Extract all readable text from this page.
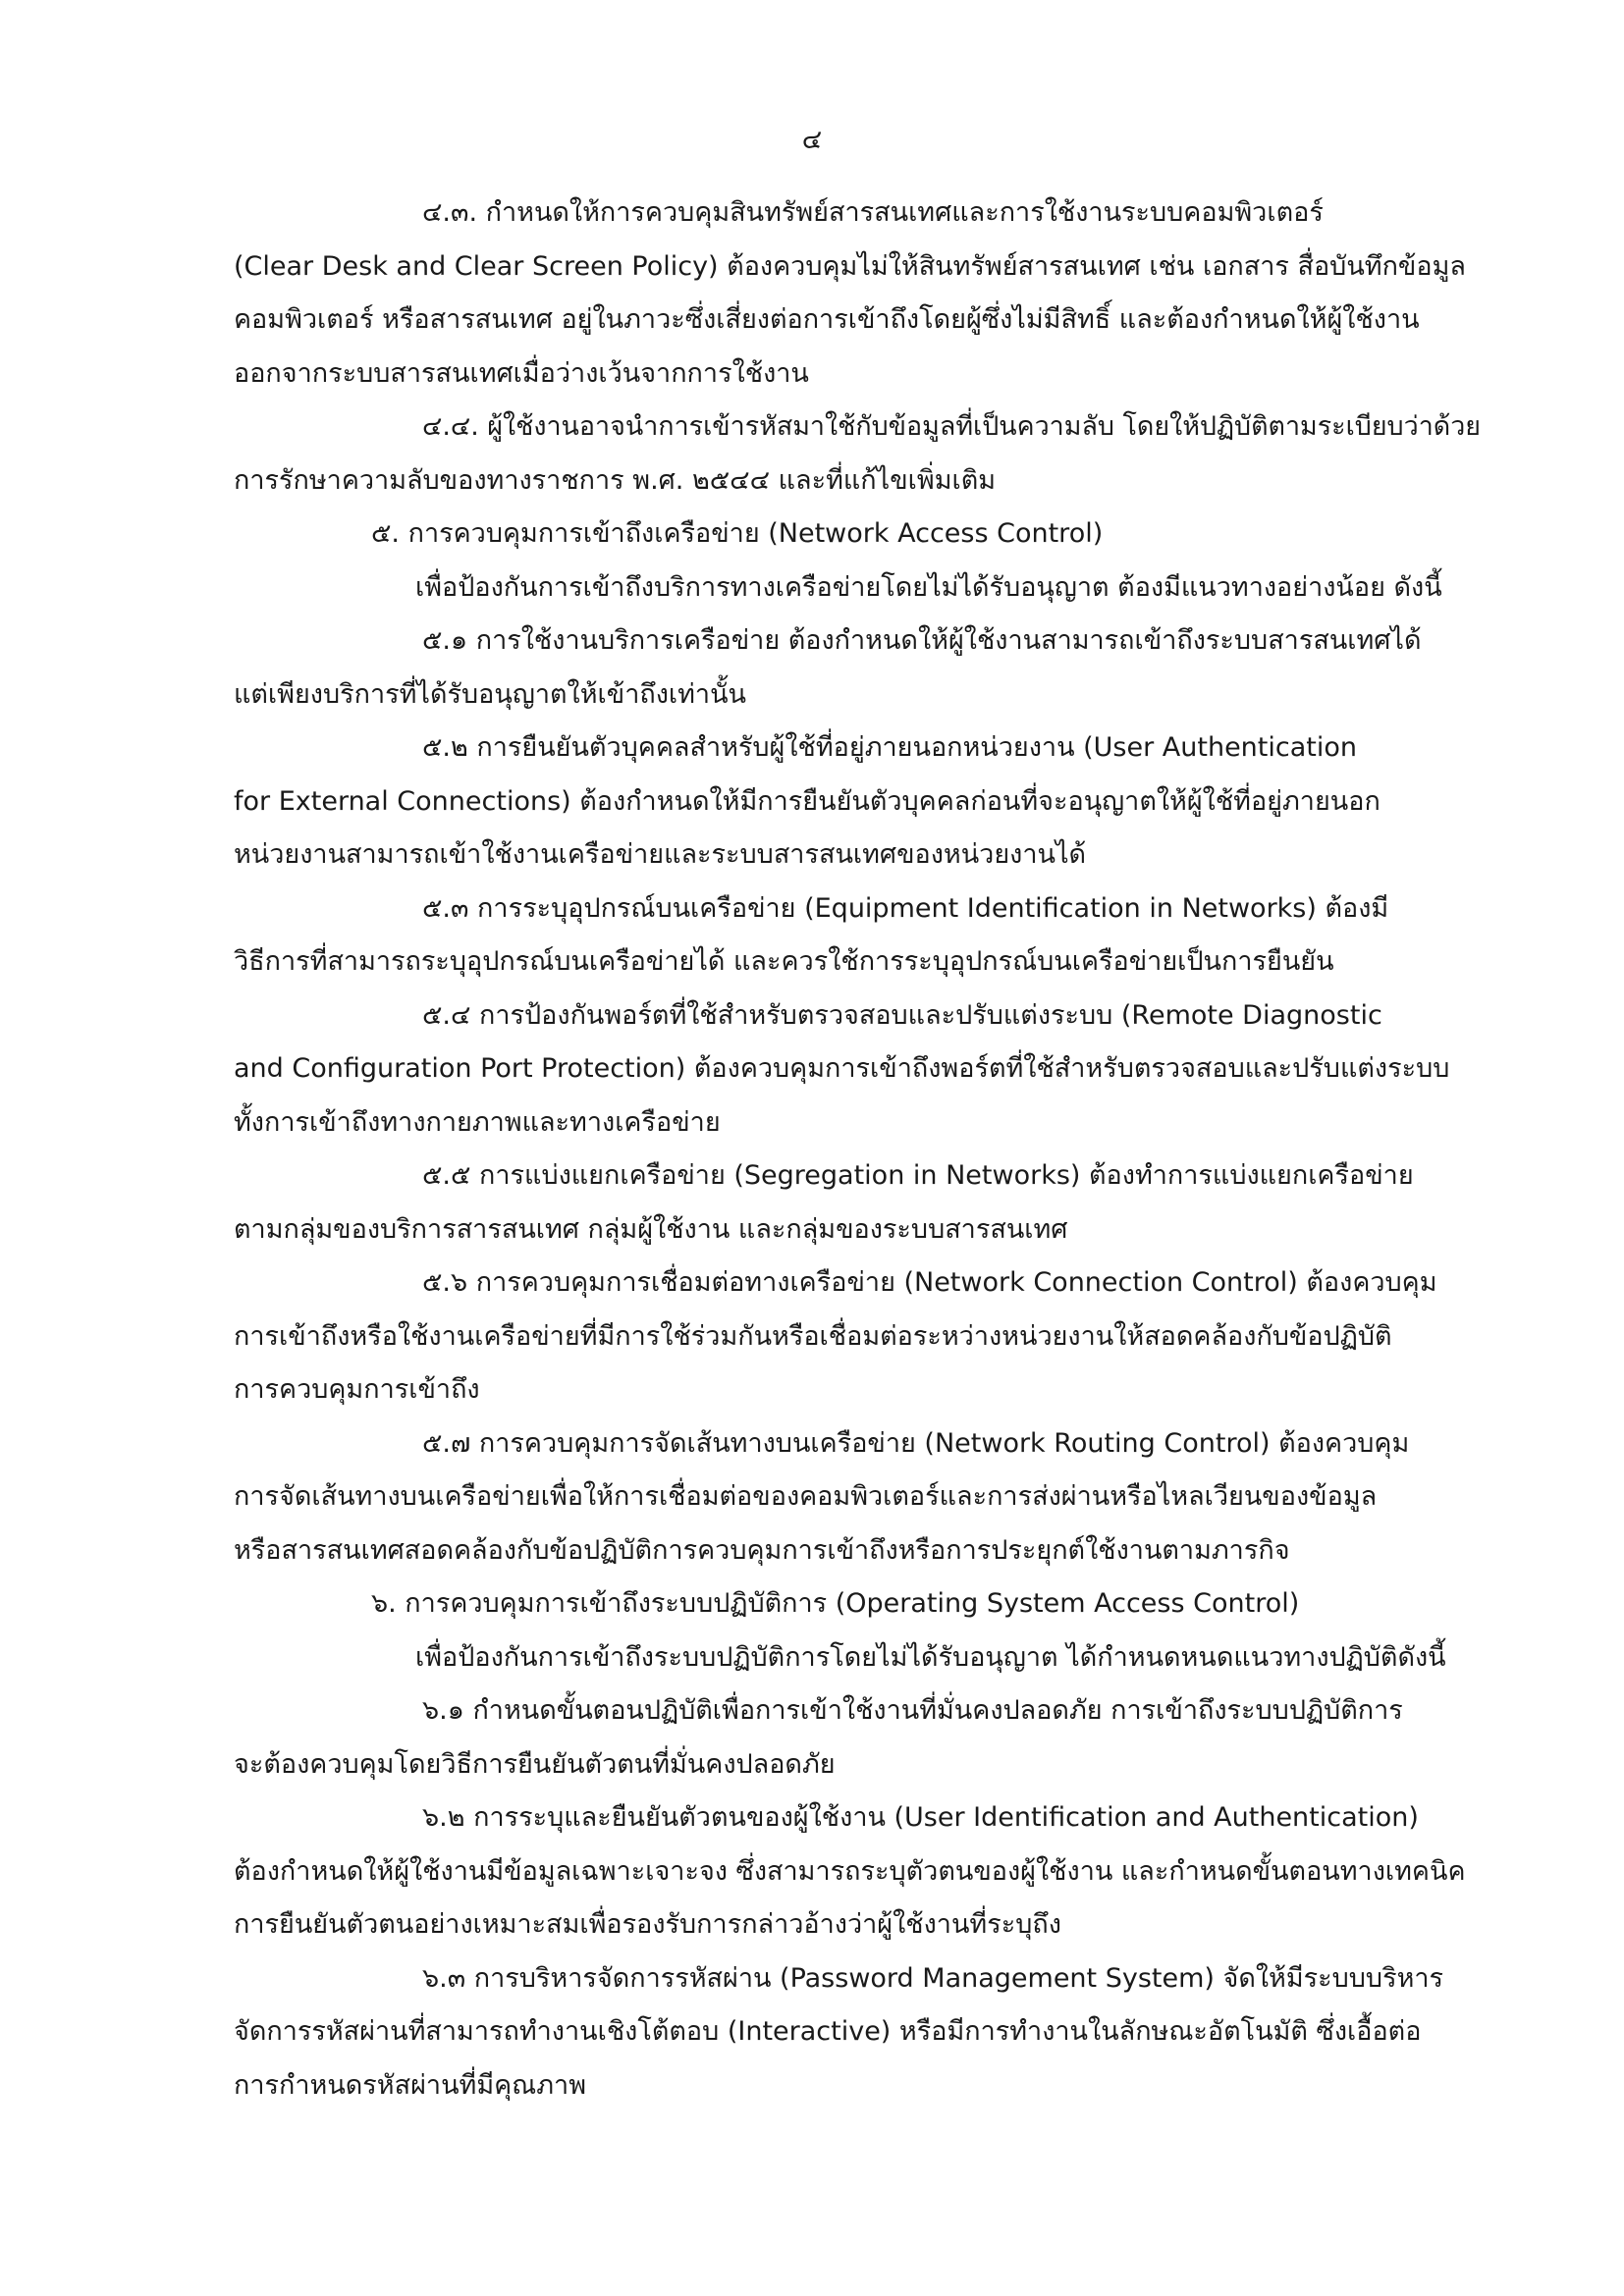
๔
๔.๓. กำหนดให้การควบคุมสินทรัพย์สารสนเทศและการใช้งานระบบคอมพิวเตอร์
(Clear Desk and Clear Screen Policy) ต้องควบคุมไม่ให้สินทรัพย์สารสนเทศ เช่น เอกสาร สื่อบันทึกข้อมูล
คอมพิวเตอร์ หรือสารสนเทศ อยู่ในภาวะซึ่งเสี่ยงต่อการเข้าถึงโดยผู้ซึ่งไม่มีสิทธิ์ และต้องกำหนดให้ผู้ใช้งาน
ออกจากระบบสารสนเทศเมื่อว่างเว้นจากการใช้งาน
๔.๔. ผู้ใช้งานอาจนำการเข้ารหัสมาใช้กับข้อมูลที่เป็นความลับ โดยให้ปฏิบัติตามระเบียบว่าด้วย
การรักษาความลับของทางราชการ พ.ศ. ๒๕๔๔ และที่แก้ไขเพิ่มเติม
๕. การควบคุมการเข้าถึงเครือข่าย (Network Access Control)
เพื่อป้องกันการเข้าถึงบริการทางเครือข่ายโดยไม่ได้รับอนุญาต ต้องมีแนวทางอย่างน้อย ดังนี้
๕.๑ การใช้งานบริการเครือข่าย ต้องกำหนดให้ผู้ใช้งานสามารถเข้าถึงระบบสารสนเทศได้
แต่เพียงบริการที่ได้รับอนุญาตให้เข้าถึงเท่านั้น
๕.๒ การยืนยันตัวบุคคลสำหรับผู้ใช้ที่อยู่ภายนอกหน่วยงาน (User Authentication
for External Connections) ต้องกำหนดให้มีการยืนยันตัวบุคคลก่อนที่จะอนุญาตให้ผู้ใช้ที่อยู่ภายนอก
หน่วยงานสามารถเข้าใช้งานเครือข่ายและระบบสารสนเทศของหน่วยงานได้
๕.๓ การระบุอุปกรณ์บนเครือข่าย (Equipment Identification in Networks) ต้องมี
วิธีการที่สามารถระบุอุปกรณ์บนเครือข่ายได้ และควรใช้การระบุอุปกรณ์บนเครือข่ายเป็นการยืนยัน
๕.๔ การป้องกันพอร์ตที่ใช้สำหรับตรวจสอบและปรับแต่งระบบ (Remote Diagnostic
and Configuration Port Protection) ต้องควบคุมการเข้าถึงพอร์ตที่ใช้สำหรับตรวจสอบและปรับแต่งระบบ
ทั้งการเข้าถึงทางกายภาพและทางเครือข่าย
๕.๕ การแบ่งแยกเครือข่าย (Segregation in Networks) ต้องทำการแบ่งแยกเครือข่าย
ตามกลุ่มของบริการสารสนเทศ กลุ่มผู้ใช้งาน และกลุ่มของระบบสารสนเทศ
๕.๖ การควบคุมการเชื่อมต่อทางเครือข่าย (Network Connection Control) ต้องควบคุม
การเข้าถึงหรือใช้งานเครือข่ายที่มีการใช้ร่วมกันหรือเชื่อมต่อระหว่างหน่วยงานให้สอดคล้องกับข้อปฏิบัติ
การควบคุมการเข้าถึง
๕.๗ การควบคุมการจัดเส้นทางบนเครือข่าย (Network Routing Control) ต้องควบคุม
การจัดเส้นทางบนเครือข่ายเพื่อให้การเชื่อมต่อของคอมพิวเตอร์และการส่งผ่านหรือไหลเวียนของข้อมูล
หรือสารสนเทศสอดคล้องกับข้อปฏิบัติการควบคุมการเข้าถึงหรือการประยุกต์ใช้งานตามภารกิจ
๖. การควบคุมการเข้าถึงระบบปฏิบัติการ (Operating System Access Control)
เพื่อป้องกันการเข้าถึงระบบปฏิบัติการโดยไม่ได้รับอนุญาต ได้กำหนดหนดแนวทางปฏิบัติดังนี้
๖.๑ กำหนดขั้นตอนปฏิบัติเพื่อการเข้าใช้งานที่มั่นคงปลอดภัย การเข้าถึงระบบปฏิบัติการ
จะต้องควบคุมโดยวิธีการยืนยันตัวตนที่มั่นคงปลอดภัย
๖.๒ การระบุและยืนยันตัวตนของผู้ใช้งาน (User Identification and Authentication)
ต้องกำหนดให้ผู้ใช้งานมีข้อมูลเฉพาะเจาะจง ซึ่งสามารถระบุตัวตนของผู้ใช้งาน และกำหนดขั้นตอนทางเทคนิค
การยืนยันตัวตนอย่างเหมาะสมเพื่อรองรับการกล่าวอ้างว่าผู้ใช้งานที่ระบุถึง
๖.๓ การบริหารจัดการรหัสผ่าน (Password Management System) จัดให้มีระบบบริหาร
จัดการรหัสผ่านที่สามารถทำงานเชิงโต้ตอบ (Interactive) หรือมีการทำงานในลักษณะอัตโนมัติ ซึ่งเอื้อต่อ
การกำหนดรหัสผ่านที่มีคุณภาพ
